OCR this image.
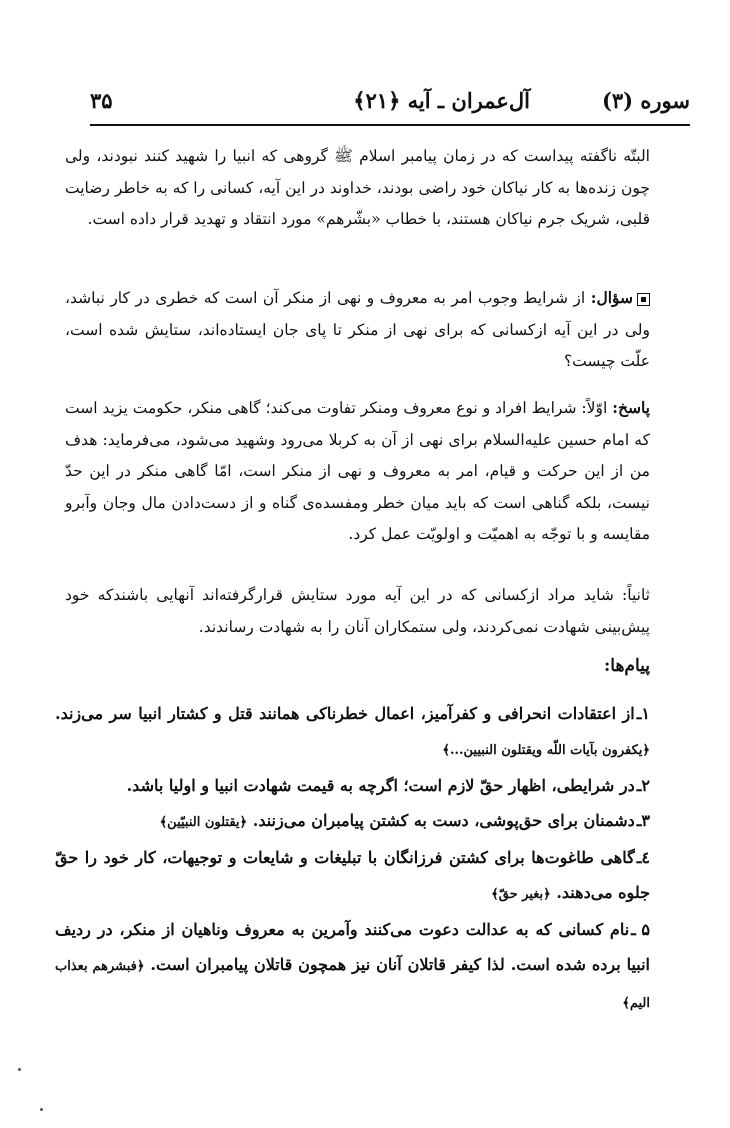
سوره (۳)
آل‌عمران ـ آیه ﴿۲۱﴾
۳۵
البتّه ناگفته پیداست که در زمان پیامبر اسلام ﷺ گروهی که انبیا را شهید کنند نبودند، ولی چون زنده‌ها به کار نیاکان خود راضی بودند، خداوند در این آیه، کسانی را که به خاطر رضایت قلبی، شریک جرم نیاکان هستند، با خطاب «بشّرهم» مورد انتقاد و تهدید قرار داده است.
سؤال: از شرایط وجوب امر به معروف و نهی از منکر آن است که خطری در کار نباشد، ولی در این آیه ازکسانی که برای نهی از منکر تا پای جان ایستاده‌اند، ستایش شده است، علّت چیست؟
پاسخ: اوّلاً: شرایط افراد و نوع معروف ومنکر تفاوت می‌کند؛ گاهی منکر، حکومت یزید است که امام حسین علیه‌السلام برای نهی از آن به کربلا می‌رود وشهید می‌شود، می‌فرماید: هدف من از این حرکت و قیام، امر به معروف و نهی از منکر است، امّا گاهی منکر در این حدّ نیست، بلکه گناهی است که باید میان خطر ومفسده‌ی گناه و از دست‌دادن مال وجان وآبرو مقایسه و با توجّه به اهمیّت و اولویّت عمل کرد.
ثانیاً: شاید مراد ازکسانی که در این آیه مورد ستایش قرارگرفته‌اند آنهایی باشندکه خود پیش‌بینی شهادت نمی‌کردند، ولی ستمکاران آنان را به شهادت رساندند.
پیام‌ها:

۱ـاز اعتقادات انحرافی و کفرآمیز، اعمال خطرناکی همانند قتل و کشتار انبیا سر می‌زند. ﴿یکفرون بآیات اللّه ویقتلون النبیین...﴾

۲ـدر شرایطی، اظهار حقّ لازم است؛ اگرچه به قیمت شهادت انبیا و اولیا باشد.

۳ـدشمنان برای حق‌پوشی، دست به کشتن پیامبران می‌زنند. ﴿یقتلون النبیّین﴾

٤ـگاهی طاغوت‌ها برای کشتن فرزانگان با تبلیغات و شایعات و توجیهات، کار خود را حقّ جلوه می‌دهند. ﴿بغیر حقّ﴾

۵ ـنام کسانی که به عدالت دعوت می‌کنند وآمرین به معروف وناهیان از منکر، در ردیف انبیا برده شده است. لذا کیفر قاتلان آنان نیز همچون قاتلان پیامبران است. ﴿فبشرهم بعذاب الیم﴾
